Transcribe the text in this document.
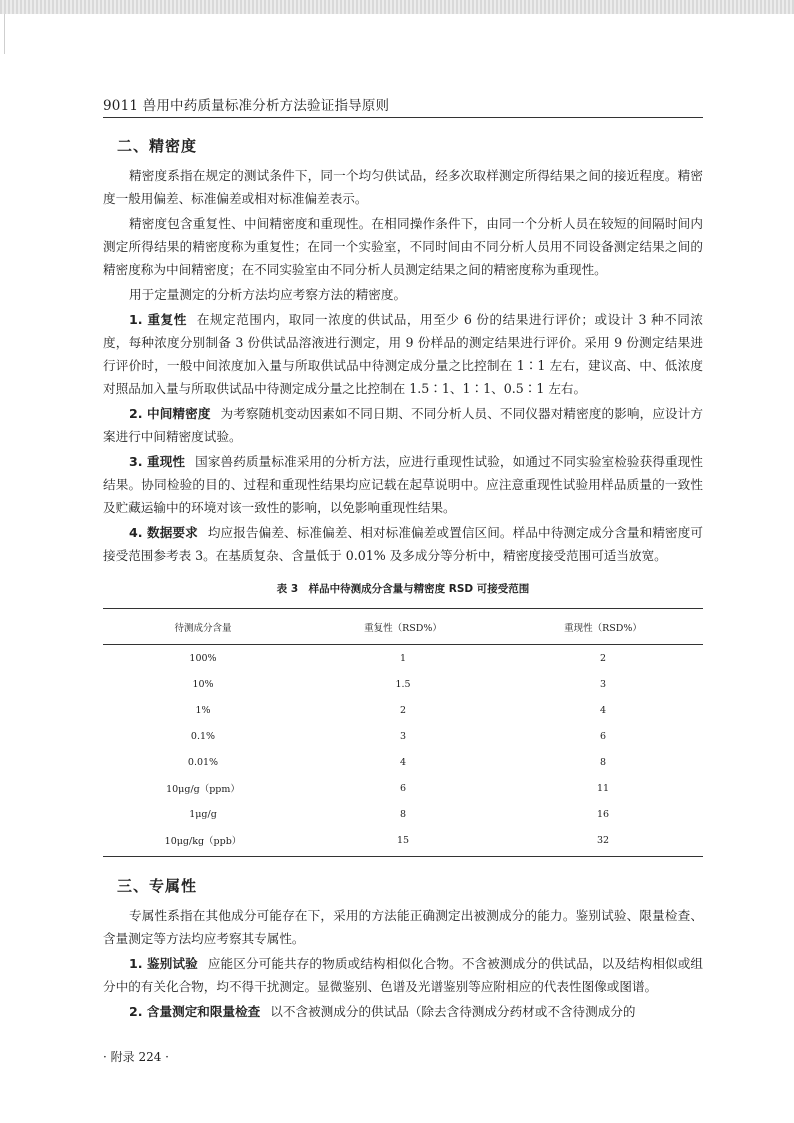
9011 兽用中药质量标准分析方法验证指导原则
二、精密度

精密度系指在规定的测试条件下，同一个均匀供试品，经多次取样测定所得结果之间的接近程度。精密度一般用偏差、标准偏差或相对标准偏差表示。

精密度包含重复性、中间精密度和重现性。在相同操作条件下，由同一个分析人员在较短的间隔时间内测定所得结果的精密度称为重复性；在同一个实验室，不同时间由不同分析人员用不同设备测定结果之间的精密度称为中间精密度；在不同实验室由不同分析人员测定结果之间的精密度称为重现性。

用于定量测定的分析方法均应考察方法的精密度。

1. 重复性 在规定范围内，取同一浓度的供试品，用至少 6 份的结果进行评价；或设计 3 种不同浓度，每种浓度分别制备 3 份供试品溶液进行测定，用 9 份样品的测定结果进行评价。采用 9 份测定结果进行评价时，一般中间浓度加入量与所取供试品中待测定成分量之比控制在 1∶1 左右，建议高、中、低浓度对照品加入量与所取供试品中待测定成分量之比控制在 1.5∶1、1∶1、0.5∶1 左右。

2. 中间精密度 为考察随机变动因素如不同日期、不同分析人员、不同仪器对精密度的影响，应设计方案进行中间精密度试验。

3. 重现性 国家兽药质量标准采用的分析方法，应进行重现性试验，如通过不同实验室检验获得重现性结果。协同检验的目的、过程和重现性结果均应记载在起草说明中。应注意重现性试验用样品质量的一致性及贮藏运输中的环境对该一致性的影响，以免影响重现性结果。

4. 数据要求 均应报告偏差、标准偏差、相对标准偏差或置信区间。样品中待测定成分含量和精密度可接受范围参考表 3。在基质复杂、含量低于 0.01% 及多成分等分析中，精密度接受范围可适当放宽。

表 3　样品中待测成分含量与精密度 RSD 可接受范围
待测成分含量	重复性（RSD%）	重现性（RSD%）
100%	1	2
10%	1.5	3
1%	2	4
0.1%	3	6
0.01%	4	8
10μg/g（ppm）	6	11
1μg/g	8	16
10μg/kg（ppb）	15	32
三、专属性

专属性系指在其他成分可能存在下，采用的方法能正确测定出被测成分的能力。鉴别试验、限量检查、含量测定等方法均应考察其专属性。

1. 鉴别试验 应能区分可能共存的物质或结构相似化合物。不含被测成分的供试品，以及结构相似或组分中的有关化合物，均不得干扰测定。显微鉴别、色谱及光谱鉴别等应附相应的代表性图像或图谱。

2. 含量测定和限量检查 以不含被测成分的供试品（除去含待测成分药材或不含待测成分的

· 附录 224 ·
